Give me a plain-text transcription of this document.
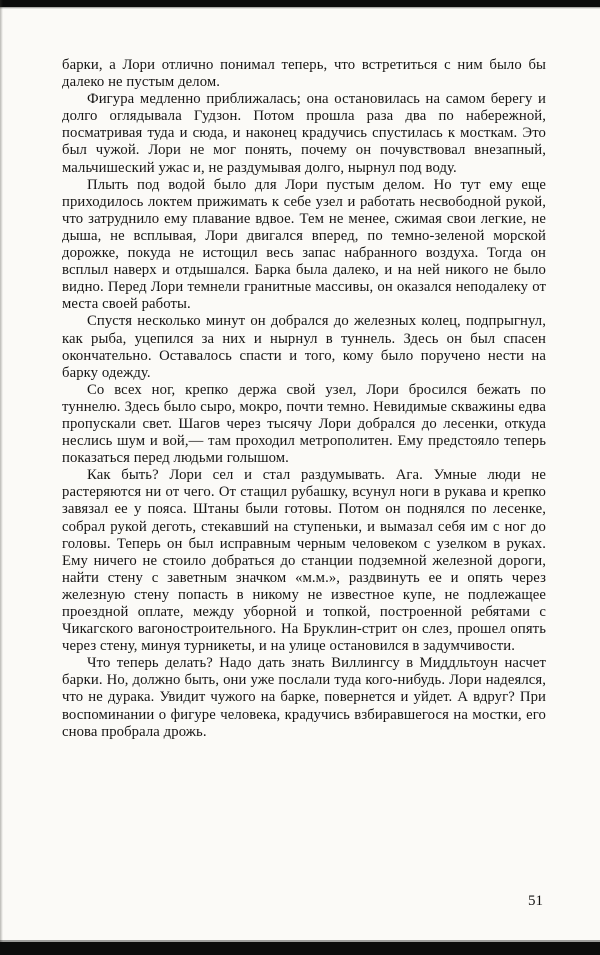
барки, а Лори отлично понимал теперь, что встретиться с ним было бы далеко не пустым делом.

Фигура медленно приближалась; она остановилась на самом берегу и долго оглядывала Гудзон. Потом прошла раза два по набережной, посматривая туда и сюда, и наконец крадучись спустилась к мосткам. Это был чужой. Лори не мог понять, почему он почувствовал внезапный, мальчишеский ужас и, не раздумывая долго, нырнул под воду.

Плыть под водой было для Лори пустым делом. Но тут ему еще приходилось локтем прижимать к себе узел и работать несвободной рукой, что затруднило ему плавание вдвое. Тем не менее, сжимая свои легкие, не дыша, не всплывая, Лори двигался вперед, по темно-зеленой морской дорожке, покуда не истощил весь запас набранного воздуха. Тогда он всплыл наверх и отдышался. Барка была далеко, и на ней никого не было видно. Перед Лори темнели гранитные массивы, он оказался неподалеку от места своей работы.

Спустя несколько минут он добрался до железных колец, подпрыгнул, как рыба, уцепился за них и нырнул в туннель. Здесь он был спасен окончательно. Оставалось спасти и того, кому было поручено нести на барку одежду.

Со всех ног, крепко держа свой узел, Лори бросился бежать по туннелю. Здесь было сыро, мокро, почти темно. Невидимые скважины едва пропускали свет. Шагов через тысячу Лори добрался до лесенки, откуда неслись шум и вой,— там проходил метрополитен. Ему предстояло теперь показаться перед людьми голышом.

Как быть? Лори сел и стал раздумывать. Ага. Умные люди не растеряются ни от чего. От стащил рубашку, всунул ноги в рукава и крепко завязал ее у пояса. Штаны были готовы. Потом он поднялся по лесенке, собрал рукой деготь, стекавший на ступеньки, и вымазал себя им с ног до головы. Теперь он был исправным черным человеком с узелком в руках. Ему ничего не стоило добраться до станции подземной железной дороги, найти стену с заветным значком «м.м.», раздвинуть ее и опять через железную стену попасть в никому не известное купе, не подлежащее проездной оплате, между уборной и топкой, построенной ребятами с Чикагского вагоностроительного. На Бруклин-стрит он слез, прошел опять через стену, минуя турникеты, и на улице остановился в задумчивости.

Что теперь делать? Надо дать знать Виллингсу в Миддльтоун насчет барки. Но, должно быть, они уже послали туда кого-нибудь. Лори надеялся, что не дурака. Увидит чужого на барке, повернется и уйдет. А вдруг? При воспоминании о фигуре человека, крадучись взбиравшегося на мостки, его снова пробрала дрожь.

51
